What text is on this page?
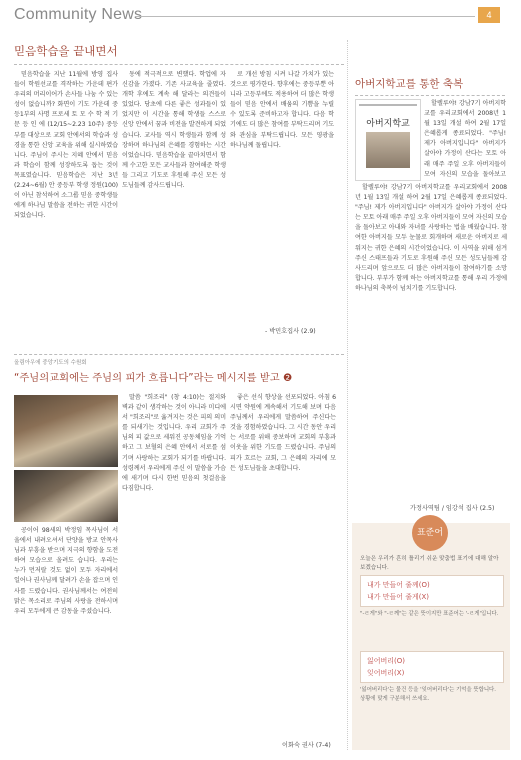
Community News	4
믿음학습을 끝내면서

믿음학습을 지난 11월에 방영 집사들이 학원선교를 격작하는 가운데 편가 우리의 머리이어가 손사들 나눔 수 있는 성이 없습니까? 화면이 기도 가운데 중등1부의 사명 프로세 토 모 수 학 적 기 문 등 인 에 (12/15~2.23 10주) 중등부를 대상으로 교회 안에서의 학습과 성경을 통한 신앙 교육을 위해 실시하였습니다. 주님이 주시는 지혜 안에서 믿음과 학습이 함께 성장하도록 돕는 것이 목표였습니다. 믿음학습은 지난 3년 (2.24~6월) 안 중등부 학생 정원(100)이 아닌 참석하여 소그룹 믿음 중학생들에게 하나님 말씀을 전하는 귀한 시간이 되었습니다.

동에 적극적으로 변했다. 학업에 자신감을 가졌다. 기존 사교육을 줄였다. 개학 후에도 계속 해 달라는 의견들이 있었다. 당초에 다른 좋은 성과들이 있었지만 이 시간을 통해 학생들 스스로 신앙 안에서 꿈과 비전을 발견하게 되었습니다. 교사들 역시 학생들과 함께 성장하며 하나님의 은혜를 경험하는 시간이었습니다. 믿음학습을 끝마치면서 함께 수고한 모든 교사들과 참여해준 학생들 그리고 기도로 후원해 주신 모든 성도님들께 감사드립니다.

로 개선 방침 시켜 나갈 가치가 있는 것으로 평가한다. 향후에는 중등부뿐 아니라 고등부에도 적용하여 더 많은 학생들이 믿음 안에서 배움의 기쁨을 누릴 수 있도록 준비하고자 합니다. 다음 학기에도 더 많은 참여를 부탁드리며 기도와 관심을 부탁드립니다. 모든 영광을 하나님께 돌립니다.

- 박민호집사 (2.9)
아버지학교를 통한 축복
아버지학교

할렐루야! 강남7기 아버지학교를 우리교회에서 2008년 1월 13일 개설 하여 2월 17일 은혜롭게 종료되었다. "주님! 제가 아버지입니다" 아버지가 살아야 가정이 산다는 모토 아래 매주 주일 오후 아버지들이 모여 자신의 모습을 돌아보고

할렐루야! 강남7기 아버지학교를 우리교회에서 2008년 1월 13일 개설 하여 2월 17일 은혜롭게 종료되었다. "주님! 제가 아버지입니다" 아버지가 살아야 가정이 산다는 모토 아래 매주 주일 오후 아버지들이 모여 자신의 모습을 돌아보고 아내와 자녀를 사랑하는 법을 배웠습니다. 참여한 아버지들 모두 눈물로 회개하며 새로운 아버지로 세워지는 귀한 은혜의 시간이었습니다. 이 사역을 위해 섬겨주신 스태프들과 기도로 후원해 주신 모든 성도님들께 감사드리며 앞으로도 더 많은 아버지들이 참여하기를 소망합니다. 부부가 함께 하는 아버지학교를 통해 우리 가정에 하나님의 축복이 넘치기를 기도합니다.

가정사역팀 / 임강석 집사 (2.5)
올림아우에 중앙기도의 수원회
“주님의교회에는 주님의 피가 흐릅니다”라는 메시지를 받고 ❷

공이어 98세의 박정임 목사님이 서울에서 내려오셔서 단양을 방교 안목사님과 부흥을 받으며 지극의 향함을 도전하여 모습으로 올려도 습니다. 우리는 누가 먼저랄 것도 없이 모두 자리에서 일어나 권사님께 달려가 손을 잡으며 인사를 드렸습니다. 권사님께서는 여전히 맑은 목소리로 주님의 사랑을 전하시며 우리 모두에게 큰 감동을 주셨습니다.

말씀 "희조리" (창 4:10)는 절지와 벽과 같이 생각하는 것이 아니라 미디에서 "희조리"로 옮겨지는 것은 피의 의미를 되새기는 것입니다. 우리 교회가 주님의 피 값으로 세워진 공동체임을 기억하고 그 보혈의 은혜 안에서 서로를 섬기며 사랑하는 교회가 되기를 바랍니다. 성령께서 우리에게 주신 이 말씀을 가슴에 새기며 다시 한번 믿음의 첫걸음을 다짐합니다.

좋은 선식 향상을 선포되었다. 아침 6시면 약원에 계속해서 기도해 보며 다음 주님께서 우리에게 말씀하여 주신다는 것을 경험하였습니다. 그 시간 동안 우리는 서로를 위해 중보하며 교회의 부흥과 이웃을 위한 기도를 드렸습니다. 주님의 피가 흐르는 교회, 그 은혜의 자리에 모든 성도님들을 초대합니다.

이화숙 권사 (7-4)
표준어
오늘은 우리가 흔히 틀리기 쉬운 맞춤법 표기에 대해 알아보겠습니다.
내가 만들어 줄께(O)
내가 만들어 줄게(X)
"-ㄹ게"와 "-ㄹ께"는 같은 뜻이지만 표준어는 '-ㄹ게'입니다.
잃어버리(O)
잊어버리(X)
'잃어버리다'는 물건 등을 '잊어버리다'는 기억을 뜻합니다. 상황에 맞게 구분해서 쓰세요.
